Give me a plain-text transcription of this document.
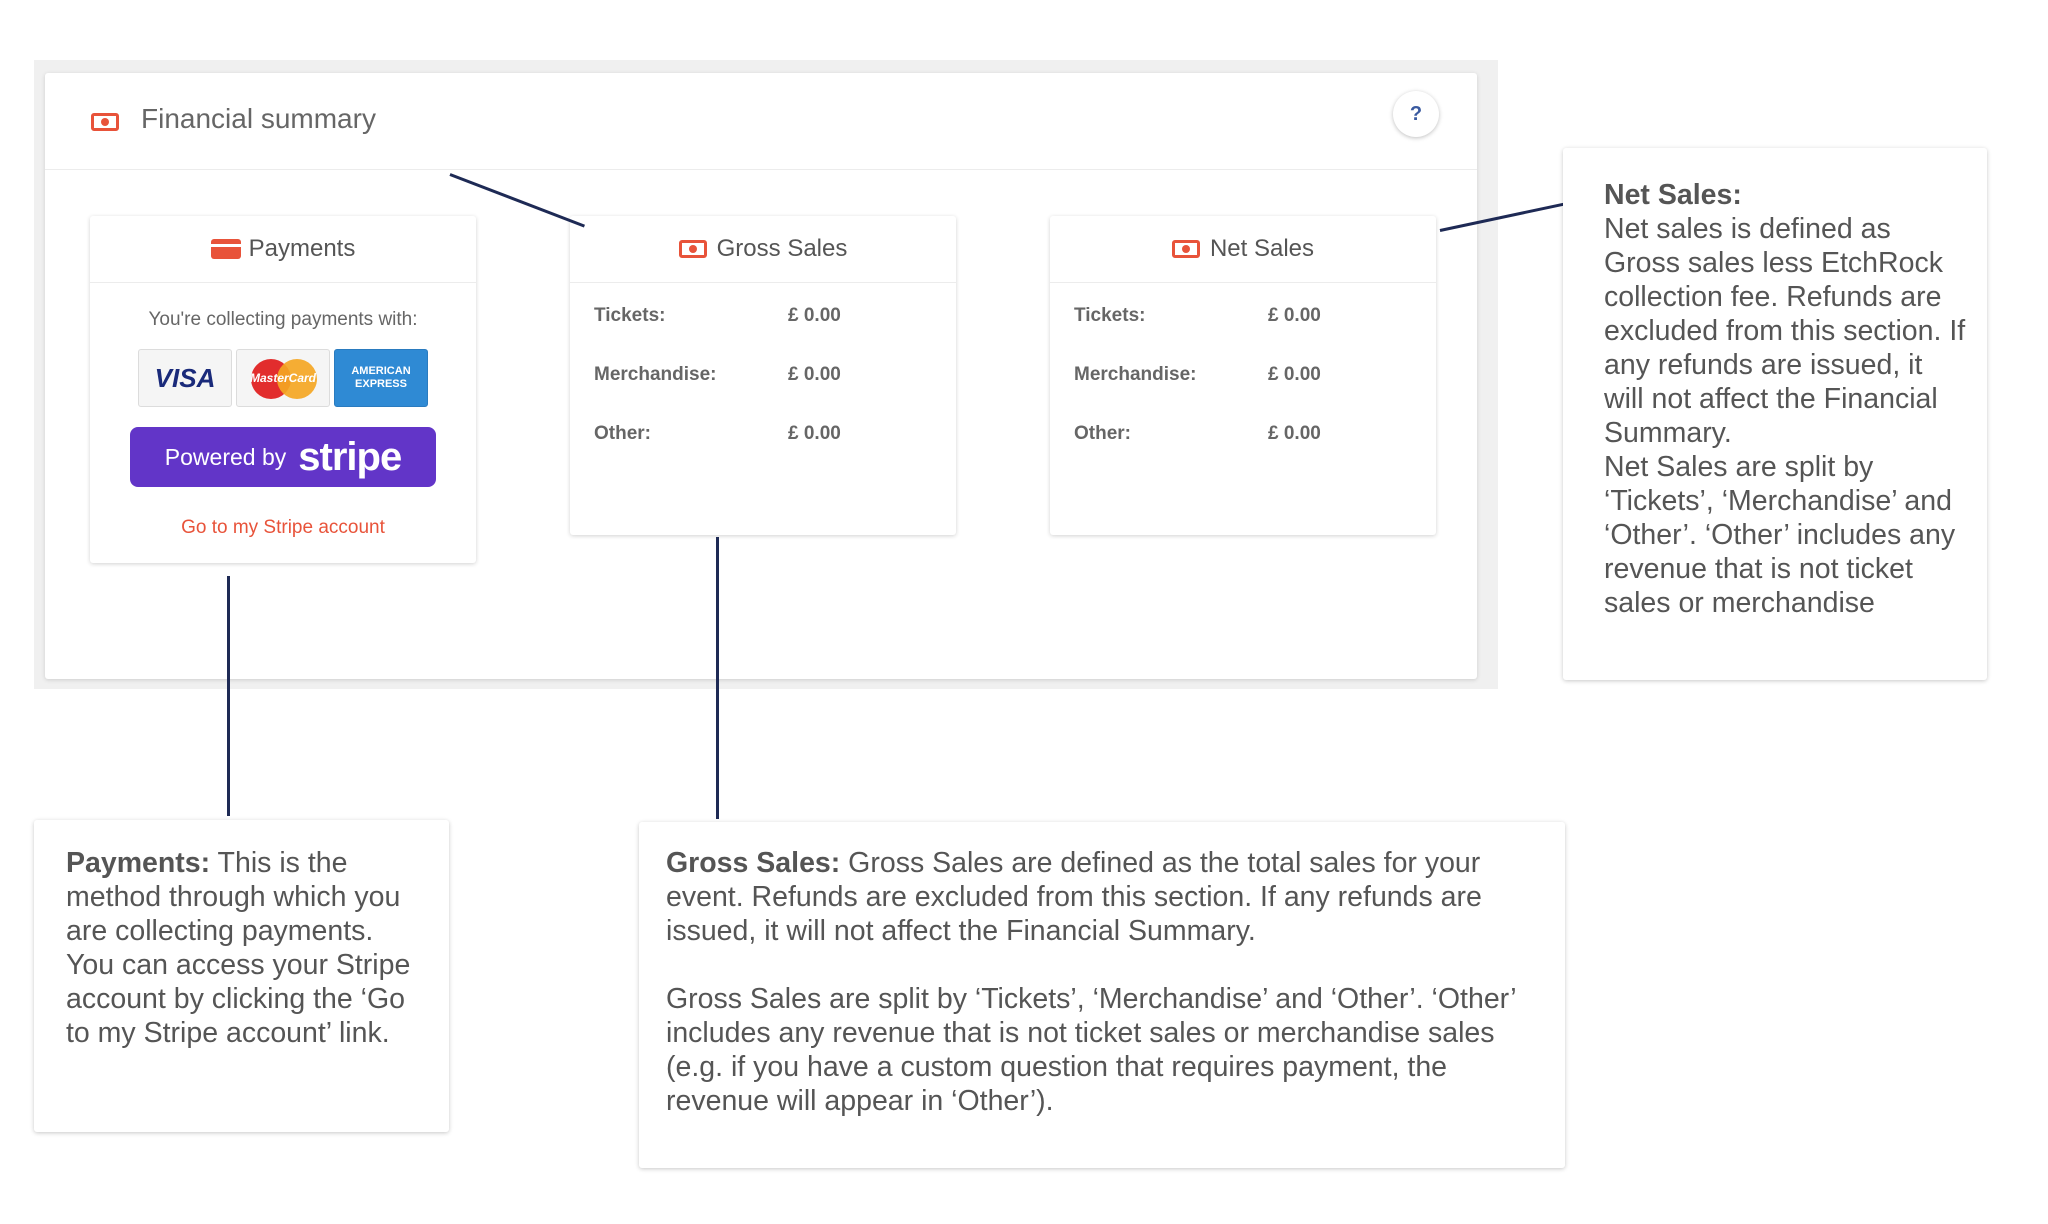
Financial summary	?
Payments
You're collecting payments with:
VISA	MasterCard	AMERICAN
EXPRESS
Powered by stripe
Go to my Stripe account
Gross Sales
Tickets:	£ 0.00
Merchandise:	£ 0.00
Other:	£ 0.00
Net Sales
Tickets:	£ 0.00
Merchandise:	£ 0.00
Other:	£ 0.00
Net Sales:
Net sales is defined as Gross sales less EtchRock collection fee. Refunds are excluded from this section. If any refunds are issued, it will not affect the Financial Summary.
Net Sales are split by ‘Tickets’, ‘Merchandise’ and ‘Other’. ‘Other’ includes any revenue that is not ticket sales or merchandise
Payments: This is the method through which you are collecting payments. You can access your Stripe account by clicking the ‘Go to my Stripe account’ link.
Gross Sales: Gross Sales are defined as the total sales for your event. Refunds are excluded from this section. If any refunds are issued, it will not affect the Financial Summary.
Gross Sales are split by ‘Tickets’, ‘Merchandise’ and ‘Other’. ‘Other’ includes any revenue that is not ticket sales or merchandise sales (e.g. if you have a custom question that requires payment, the revenue will appear in ‘Other’).
